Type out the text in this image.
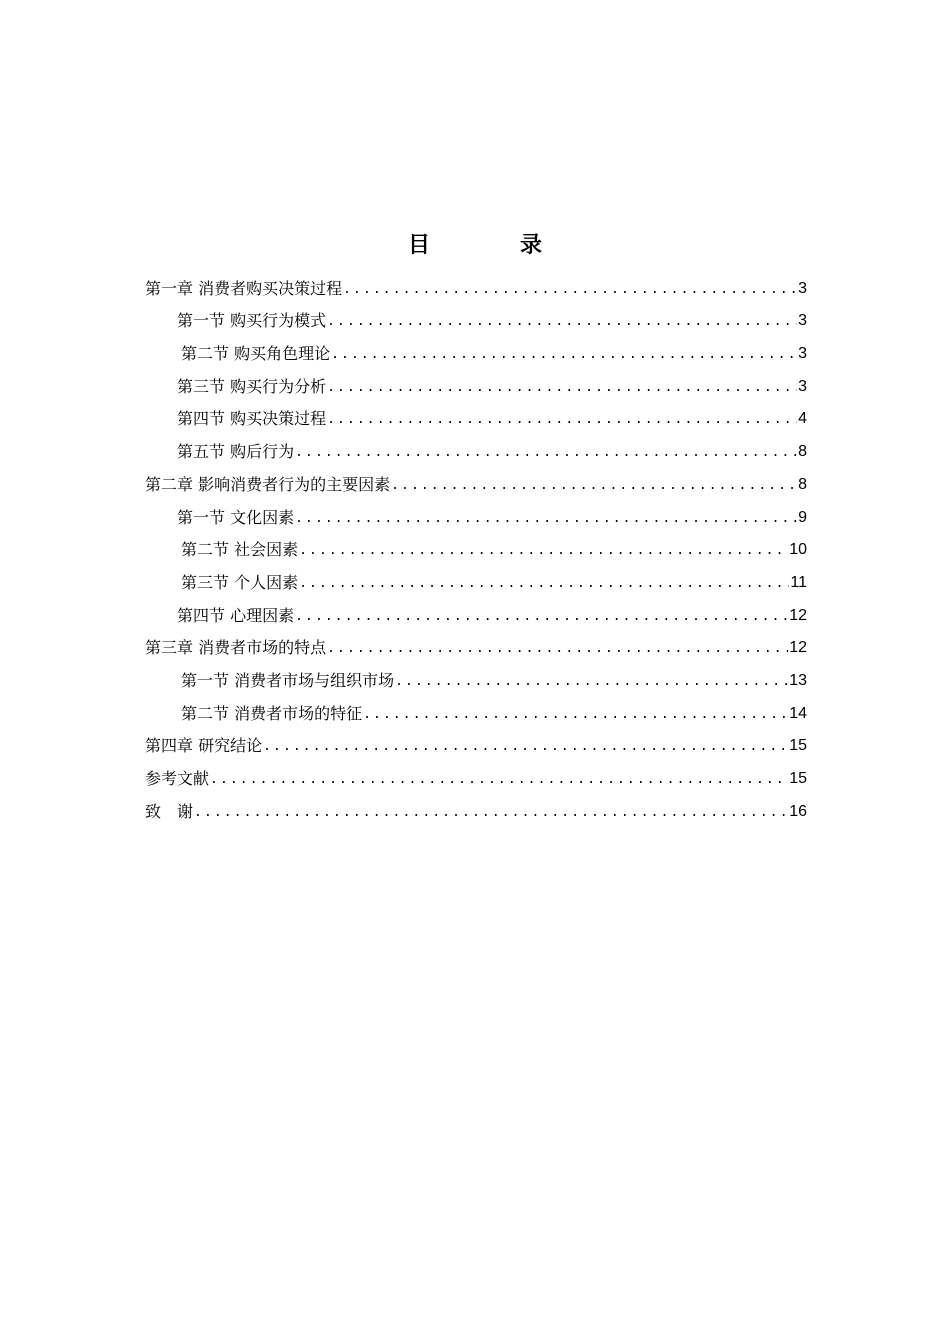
目　录
第一章 消费者购买决策过程 .....	3
第一节 购买行为模式 .....	3
第二节 购买角色理论 .....	3
第三节 购买行为分析 .....	3
第四节 购买决策过程 .....	4
第五节 购后行为 .....	8
第二章 影响消费者行为的主要因素 .....	8
第一节 文化因素 .....	9
第二节 社会因素 .....	10
第三节 个人因素 .....	11
第四节 心理因素 .....	12
第三章 消费者市场的特点 .....	12
第一节 消费者市场与组织市场 .....	13
第二节 消费者市场的特征 .....	14
第四章 研究结论 .....	15
参考文献 .....	15
致　谢 .....	16
